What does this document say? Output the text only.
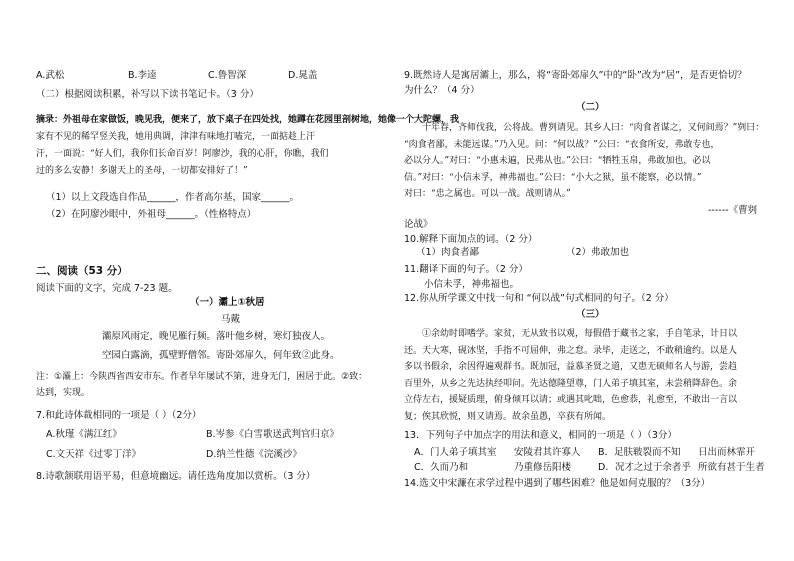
A.武松	B.李逵	C.鲁智深	D.晁盖

（二）根据阅读积累，补写以下读书笔记卡。（3 分）

摘录：外祖母在家做饭，晚见我，便来了，放下桌子在四处找，她蹲在花园里剖树地，她像一个大陀螺，我
家有不见的稀罕竖关我，她用典调，津津有味地打嗑完，一面掂趁上汗
汗，一面说：“好人们，我你们长命百岁！阿廖沙，我的心肝，你瞧，我们
过的多么安静！多谢天上的圣母，一切都安排好了！”

（1）以上文段选自作品______，作者高尔基，国家______。

（2）在阿廖沙眼中，外祖母______。（性格特点）

二、阅读（53 分）

阅读下面的文字，完成 7-23 题。

（一）灞上①秋居

马戴

灞原风雨定，晚见雁行频。落叶他乡树，寒灯独夜人。

空园白露滴，孤壁野僧邻。寄卧郊扉久，何年致②此身。

注：①灞上：今陕西省西安市东。作者早年屡试不第，进身无门，困居于此。②致：

达到，实现。

7.和此诗体裁相同的一项是（ ）（2分）

A.秋瑾《满江红》	B.岑参《白雪歌送武判官归京》
C.文天祥《过零丁洋》	D.纳兰性德《浣溪沙》

8.诗歌颔联用语平易，但意境幽远。请任选角度加以赏析。（3 分）

9.既然诗人是寓居灞上，那么，将“寄卧郊扉久”中的“卧”改为“居”，是否更恰切？

为什么？（4 分）

（二）

十年春，齐师伐我，公将战。曹刿请见。其乡人曰：“肉食者谋之，又何间焉？”刿曰：
“肉食者鄙，未能远谋。”乃入见。问：“何以战？”公曰：“衣食所安，弗敢专也，
必以分人。”对曰：“小惠未遍，民弗从也。”公曰：“牺牲玉帛，弗敢加也，必以
信。”对曰：“小信未孚，神弗福也。”公曰：“小大之狱，虽不能察，必以情。”
对曰：“忠之属也。可以一战。战则请从。”

------《曹刿

论战》

10.解释下面加点的词。（2 分）

（1）肉食者鄙	（2）弗敢加也

11.翻译下面的句子。（2 分）

小信未孚，神弗福也。

12.你从所学课文中找一句和 “何以战”句式相同的句子。（2 分）

（三）

①余幼时即嗜学。家贫，无从致书以观，每假借于藏书之家，手自笔录，计日以
还。天大寒，砚冰坚，手指不可屈伸，弗之怠。录毕，走送之，不敢稍逾约。以是人
多以书假余，余因得遍观群书。既加冠，益慕圣贤之道，又患无硕师名人与游，尝趋
百里外，从乡之先达执经叩问。先达德隆望尊，门人弟子填其室，未尝稍降辞色。余
立侍左右，援疑质理，俯身倾耳以请；或遇其叱咄，色愈恭，礼愈至，不敢出一言以
复；俟其欣悦，则又请焉。故余虽愚，卒获有所闻。

13．下列句子中加点字的用法和意义，相同的一项是（ ）（3分）

A．门人弟子填其室	安陵君其许寡人	B．足肤皲裂而不知	日出而林霏开
C．久而乃和	乃重修岳阳楼	D．况才之过于余者乎 所欲有甚于生者

14.选文中宋濂在求学过程中遇到了哪些困难？他是如何克服的？（3分）
